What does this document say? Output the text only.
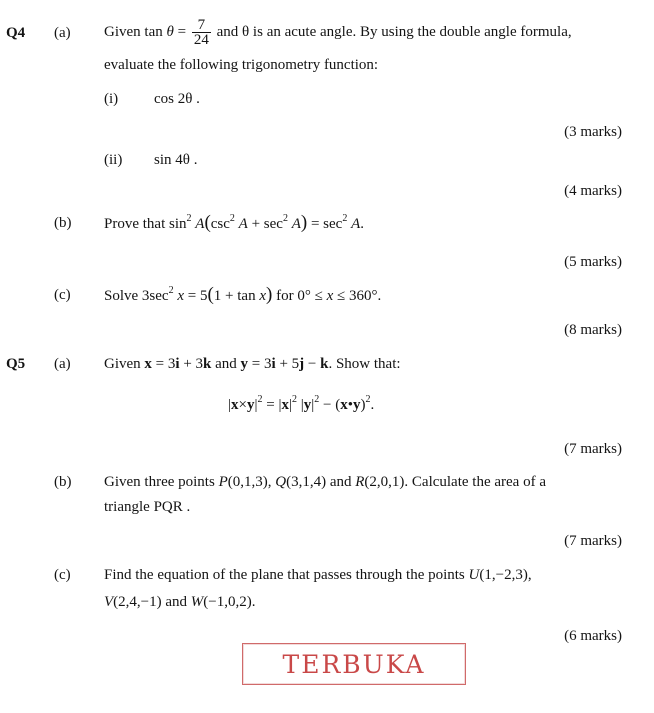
Q4 (a) Given $\tan \theta = \frac{7}{24}$ and θ is an acute angle. By using the double angle formula,
evaluate the following trigonometry function:
(i) cos 2θ .
(3 marks)
(ii) sin 4θ .
(4 marks)
(b) Prove that $\sin^2 A(\csc^2$ $A + \sec^2 A) = \sec^2 A$.
(5 marks)
(c) Solve $3\sec^2$ x = 5(1 + tan x) for 0° ≤ x ≤ 360°.
(8 marks)
Q5 (a) Given x = 3i + 3k and y = 3i + 5j − k. Show that:
$|x\times y|^2 = |x|^2$ $|y|^2$ − (x•y)$^2$.
(7 marks)
(b) Given three points P(0,1,3), Q(3,1,4) and R(2,0,1). Calculate the area of a
triangle PQR .
(7 marks)
(c) Find the equation of the plane that passes through the points U(1,−2,3),
V(2,4,−1) and W(−1,0,2).
(6 marks)
TERBUKA
